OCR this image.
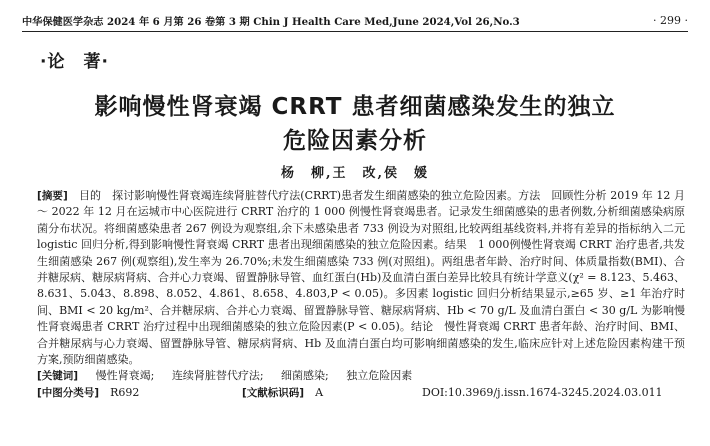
中华保健医学杂志 2024 年 6 月第 26 卷第 3 期 Chin J Health Care Med,June 2024,Vol 26,No.3	· 299 ·
·论　著·
影响慢性肾衰竭 CRRT 患者细菌感染发生的独立
危险因素分析
杨　柳,王　改,侯　媛

[摘要]　目的　探讨影响慢性肾衰竭连续肾脏替代疗法(CRRT)患者发生细菌感染的独立危险因素。方法　回顾性分析 2019 年 12 月 ～ 2022 年 12 月在运城市中心医院进行 CRRT 治疗的 1 000 例慢性肾衰竭患者。记录发生细菌感染的患者例数,分析细菌感染病原菌分布状况。将细菌感染患者 267 例设为观察组,余下未感染患者 733 例设为对照组,比较两组基线资料,并将有差异的指标纳入二元 logistic 回归分析,得到影响慢性肾衰竭 CRRT 患者出现细菌感染的独立危险因素。结果　1 000例慢性肾衰竭 CRRT 治疗患者,共发生细菌感染 267 例(观察组),发生率为 26.70%;未发生细菌感染 733 例(对照组)。两组患者年龄、治疗时间、体质量指数(BMI)、合并糖尿病、糖尿病肾病、合并心力衰竭、留置静脉导管、血红蛋白(Hb)及血清白蛋白差异比较具有统计学意义(χ² = 8.123、5.463、8.631、5.043、8.898、8.052、4.861、8.658、4.803,P < 0.05)。多因素 logistic 回归分析结果显示,≥65 岁、≥1 年治疗时间、BMI < 20 kg/m²、合并糖尿病、合并心力衰竭、留置静脉导管、糖尿病肾病、Hb < 70 g/L 及血清白蛋白 < 30 g/L 为影响慢性肾衰竭患者 CRRT 治疗过程中出现细菌感染的独立危险因素(P < 0.05)。结论　慢性肾衰竭 CRRT 患者年龄、治疗时间、BMI、合并糖尿病与心力衰竭、留置静脉导管、糖尿病肾病、Hb 及血清白蛋白均可影响细菌感染的发生,临床应针对上述危险因素构建干预方案,预防细菌感染。

[关键词] 慢性肾衰竭; 连续肾脏替代疗法; 细菌感染; 独立危险因素
[中图分类号]　 R692	[文献标识码]　 A	DOI:10.3969/j.issn.1674-3245.2024.03.011
